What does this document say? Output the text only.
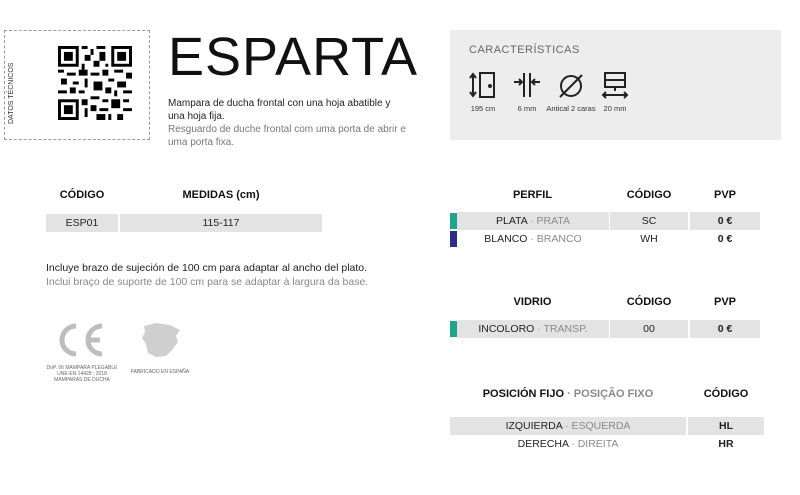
DATOS TÉCNICOS
ESPARTA
Mampara de ducha frontal con una hoja abatible y una hoja fija.
Resguardo de duche frontal com uma porta de abrir e uma porta fixa.
CARACTERÍSTICAS
195 cm	6 mm	Antical 2 caras	20 mm
CÓDIGO	MEDIDAS (cm)
ESP01	115-117
Incluye brazo de sujeción de 100 cm para adaptar al ancho del plato.
Inclui braço de suporte de 100 cm para se adaptar à largura da base.
DoP. 06 MAMPARA PLEGABLE UNE-EN 14428 : 2018 MAMPARAS DE DUCHA
FABRICADO EN ESPAÑA
PERFIL	CÓDIGO	PVP
PLATA · PRATA	SC	0 €
BLANCO · BRANCO	WH	0 €
VIDRIO	CÓDIGO	PVP
INCOLORO · TRANSP.	00	0 €
POSICIÓN FIJO · POSIÇÃO FIXO	CÓDIGO
IZQUIERDA · ESQUERDA	HL
DERECHA · DIREITA	HR
